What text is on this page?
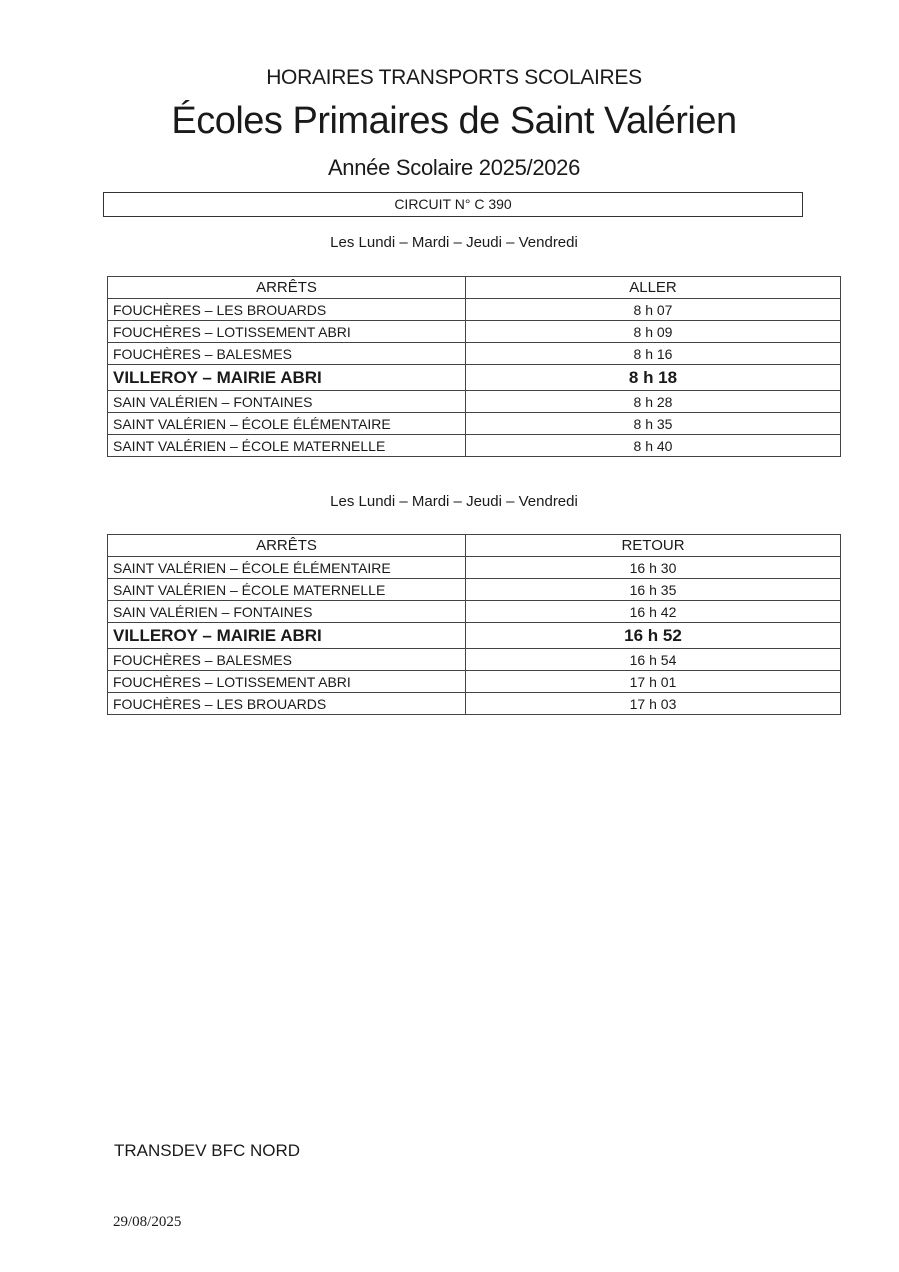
HORAIRES TRANSPORTS SCOLAIRES
Écoles Primaires de Saint Valérien
Année Scolaire 2025/2026
CIRCUIT N° C 390
Les Lundi – Mardi – Jeudi – Vendredi
ARRÊTS	ALLER
FOUCHÈRES – LES BROUARDS	8 h 07
FOUCHÈRES – LOTISSEMENT ABRI	8 h 09
FOUCHÈRES – BALESMES	8 h 16
VILLEROY – MAIRIE ABRI	8 h 18
SAIN VALÉRIEN – FONTAINES	8 h 28
SAINT VALÉRIEN – ÉCOLE ÉLÉMENTAIRE	8 h 35
SAINT VALÉRIEN – ÉCOLE MATERNELLE	8 h 40
Les Lundi – Mardi – Jeudi – Vendredi
ARRÊTS	RETOUR
SAINT VALÉRIEN – ÉCOLE ÉLÉMENTAIRE	16 h 30
SAINT VALÉRIEN – ÉCOLE MATERNELLE	16 h 35
SAIN VALÉRIEN – FONTAINES	16 h 42
VILLEROY – MAIRIE ABRI	16 h 52
FOUCHÈRES – BALESMES	16 h 54
FOUCHÈRES – LOTISSEMENT ABRI	17 h 01
FOUCHÈRES – LES BROUARDS	17 h 03
TRANSDEV BFC NORD
29/08/2025
